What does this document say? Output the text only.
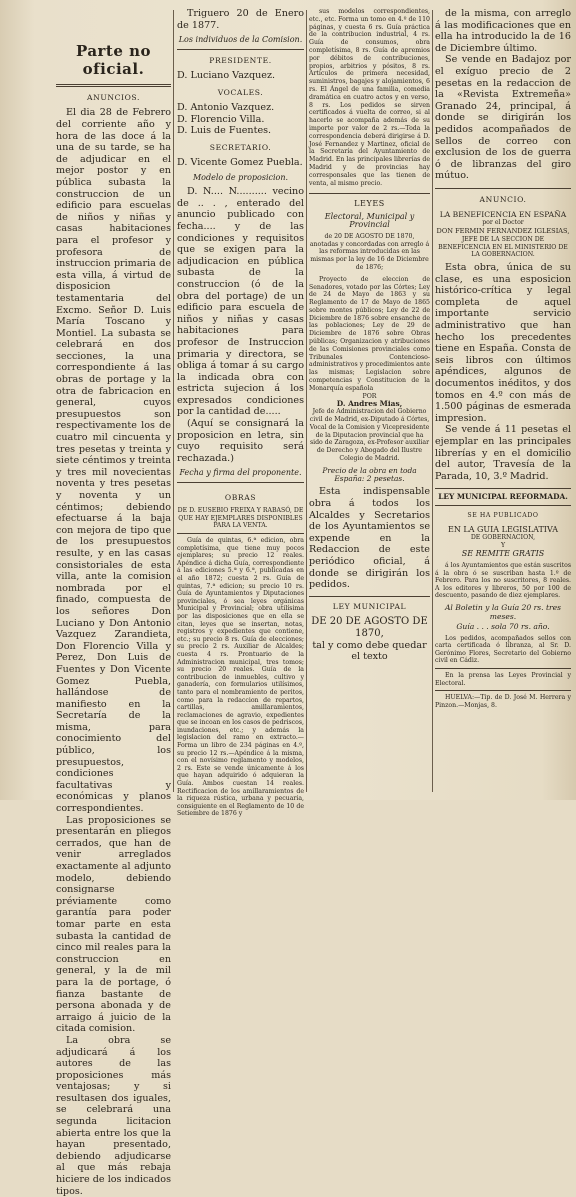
Parte no oficial.
ANUNCIOS.

El dia 28 de Febrero del corriente año y hora de las doce á la una de su tarde, se ha de adjudicar en el mejor postor y en pública subasta la construccion de un edificio para escuelas de niños y niñas y casas habitaciones para el profesor y profesora de instruccion primaria de esta villa, á virtud de disposicion testamentaria del Excmo. Señor D. Luis María Toscano y Montiel. La subasta se celebrará en dos secciones, la una correspondiente á las obras de portage y la otra de fabricacion en general, cuyos presupuestos son respectivamente los de cuatro mil cincuenta y tres pesetas y treinta y siete céntimos y treinta y tres mil novecientas noventa y tres pesetas y noventa y un céntimos; debiendo efectuarse á la baja con mejora de tipo que de los presupuestos resulte, y en las casas consistoriales de esta villa, ante la comision nombrada por el finado, compuesta de los señores Don Luciano y Don Antonio Vazquez Zarandieta, Don Florencio Villa y Perez, Don Luis de Fuentes y Don Vicente Gomez Puebla, hallándose de manifiesto en la Secretaría de la misma, para conocimiento del público, los presupuestos, condiciones facultativas y económicas y planos correspondientes.

Las proposiciones se presentarán en pliegos cerrados, que han de venir arreglados exactamente al adjunto modelo, debiendo consignarse préviamente como garantía para poder tomar parte en esta subasta la cantidad de cinco mil reales para la construccion en general, y la de mil para la de portage, ó fianza bastante de persona abonada y de arraigo á juicio de la citada comision.

La obra se adjudicará á los autores de las proposiciones más ventajosas; y si resultasen dos iguales, se celebrará una segunda licitacion abierta entre los que la hayan presentado, debiendo adjudicarse al que más rebaja hiciere de los indicados tipos.

Triguero 20 de Enero de 1877.

Los individuos de la Comision.
PRESIDENTE.
D. Luciano Vazquez.
VOCALES.
D. Antonio Vazquez.
D. Florencio Villa.
D. Luis de Fuentes.
SECRETARIO.
D. Vicente Gomez Puebla.
Modelo de proposicion.

D. N.... N.......... vecino de .. . , enterado del anuncio publicado con fecha.... y de las condiciones y requisitos que se exigen para la adjudicacion en pública subasta de la construccion (ó de la obra del portage) de un edificio para escuela de niños y niñas y casas habitaciones para profesor de Instruccion primaria y directora, se obliga á tomar á su cargo la indicada obra con estricta sujecion á los expresados condiciones por la cantidad de.....

(Aquí se consignará la proposicion en letra, sin cuyo requisito será rechazada.)

Fecha y firma del proponente.
OBRAS
DE D. EUSEBIO FREIXA Y RABASÓ, DE QUE HAY EJEMPLARES DISPONIBLES PARA LA VENTA.

Guía de quintas, 6.ª edicion, obra completísima, que tiene muy pocos ejemplares; su precio 12 reales. Apéndice á dicha Guía, correspondiente á las ediciones 5.ª y 6.ª, publicadas en el año 1872; cuesta 2 rs. Guía de quintas, 7.ª edicion; su precio 10 rs. Guía de Ayuntamientos y Diputaciones provinciales, ó sea leyes orgánicas Municipal y Provincial; obra utilísima por las disposiciones que en ella se citan, leyes que se insertan, notas, registros y expedientes que contiene, etc.; su precio 8 rs. Guía de elecciones; su precio 2 rs. Auxiliar de Alcaldes; cuesta 4 rs. Prontuario de la Administracion municipal, tres tomos; su precio 20 reales. Guía de la contribucion de inmuebles, cultivo y ganadería, con formularios utilísimos, tanto para el nombramiento de peritos, como para la redaccion de repartos, cartillas, amillaramientos, reclamaciones de agravio, expedientes que se incoan en los casos de pedriscos, inundaciones, etc.; y además la legislacion del ramo en extracto.—Forma un libro de 234 páginas en 4.º, su precio 12 rs.—Apéndice á la misma, con el novísimo reglamento y modelos, 2 rs. Este se vende únicamente á los que hayan adquirido ó adquieran la Guía. Ambos cuestan 14 reales. Rectificacion de los amillaramientos de la riqueza rústica, urbana y pecuaria, consiguiente en el Reglamento de 10 de Setiembre de 1876 y

sus modelos correspondientes, etc., etc. Forma un tomo en 4.º de 110 páginas, y cuesta 6 rs. Guía práctica de la contribucion industrial, 4 rs. Guía de consumos, obra completísima, 8 rs. Guía de apremios por débitos de contribuciones, propios, arbitrios y pósitos, 8 rs. Artículos de primera necesidad, suministros, bagajes y alojamientos, 6 rs. El Ángel de una familia, comedia dramática en cuatro actos y en verso, 8 rs. Los pedidos se sirven certificados á vuelta de correo, si al hacerlo se acompaña además de su importe por valor de 2 rs.—Toda la correspondencia deberá dirigirse á D. José Fernandez y Martinez, oficial de la Secretaría del Ayuntamiento de Madrid. En las principales librerías de Madrid y de provincias hay corresponsales que las tienen de venta, al mismo precio.

LEYES
Electoral, Municipal y Provincial
de 20 DE AGOSTO DE 1870,
anotadas y concordadas con arreglo á las reformas introducidas en las mismas por la ley de 16 de Diciembre de 1876;

Proyecto de eleccion de Senadores, votado por las Córtes; Ley de 24 de Mayo de 1863 y su Reglamento de 17 de Mayo de 1865 sobre montes públicos; Ley de 22 de Diciembre de 1876 sobre ensanche de las poblaciones; Ley de 29 de Diciembre de 1876 sobre Obras públicas; Organizacion y atribuciones de las Comisiones provinciales como Tribunales Contencioso-administrativos y procedimientos ante las mismas; Legislacion sobre competencias y Constitucion de la Monarquía española

POR
D. Andres Mias,
Jefe de Administracion del Gobierno civil de Madrid, ex-Diputado á Córtes, Vocal de la Comision y Vicepresidente de la Diputacion provincial que ha sido de Zaragoza, ex-Profesor auxiliar de Derecho y Abogado del Ilustre Colegio de Madrid.
Precio de la obra en toda España: 2 pesetas.

Esta indispensable obra á todos los Alcaldes y Secretarios de los Ayuntamientos se expende en la Redaccion de este periódico oficial, á donde se dirigirán los pedidos.

LEY MUNICIPAL
DE 20 DE AGOSTO DE 1870,
tal y como debe quedar el texto

de la misma, con arreglo á las modificaciones que en ella ha introducido la de 16 de Diciembre último.

Se vende en Badajoz por el exíguo precio de 2 pesetas en la redaccion de la «Revista Extremeña» Granado 24, principal, á donde se dirigirán los pedidos acompañados de sellos de correo con exclusion de los de guerra ó de libranzas del giro mútuo.

ANUNCIO.
LA BENEFICENCIA EN ESPAÑA
por el Doctor
DON FERMIN FERNANDEZ IGLESIAS,
JEFE DE LA SECCION DE BENEFICENCIA EN EL MINISTERIO DE LA GOBERNACION.

Esta obra, única de su clase, es una esposicion histórico-crítica y legal completa de aquel importante servicio administrativo que han hecho los precedentes tiene en España. Consta de seis libros con últimos apéndices, algunos de documentos inéditos, y dos tomos en 4.º con más de 1.500 páginas de esmerada impresion.

Se vende á 11 pesetas el ejemplar en las principales librerías y en el domicilio del autor, Travesía de la Parada, 10, 3.º Madrid.

LEY MUNICIPAL REFORMADA.
SE HA PUBLICADO
EN LA GUIA LEGISLATIVA
DE GOBERNACION,
Y
SE REMITE GRATIS

á los Ayuntamientos que están suscritos á la obra ó se suscriban hasta 1.º de Febrero. Para los no suscritores, 8 reales. A los editores y libreros, 50 por 100 de descuento, pasando de diez ejemplares.

Al Boletin y la Guía 20 rs. tres meses.
Guía . . . sola 70 rs. año.

Los pedidos, acompañados sellos con carta certificada ó libranza, al Sr. D. Gerónimo Flores, Secretario del Gobierno civil en Cádiz.

En la prensa las Leyes Provincial y Electoral.

HUELVA:—Tip. de D. José M. Herrera y Pinzon.—Monjas, 8.
